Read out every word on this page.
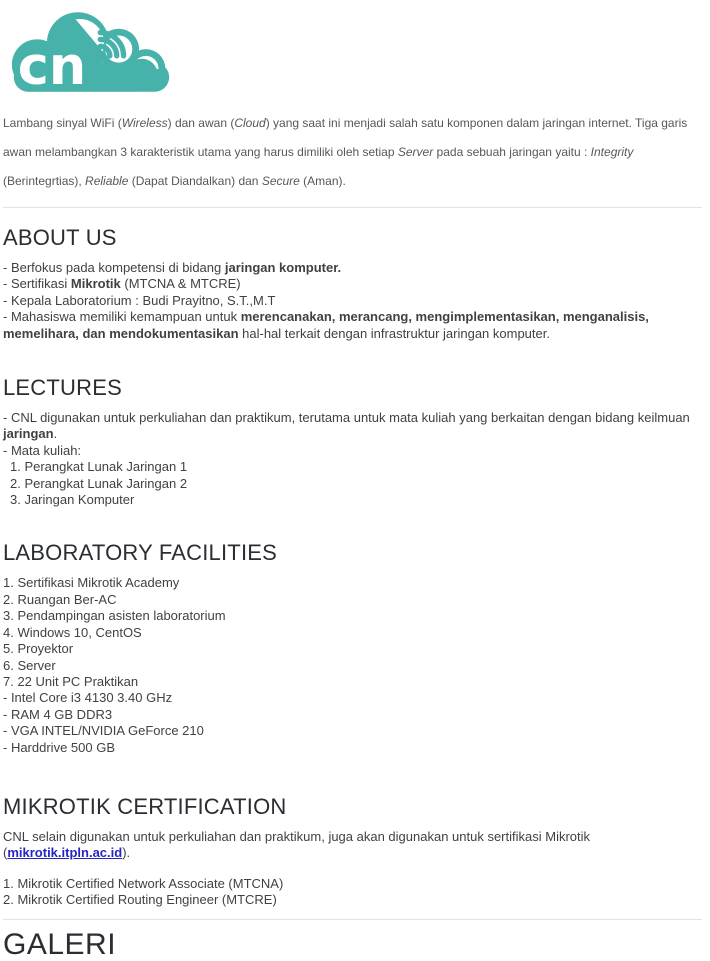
cn

Lambang sinyal WiFi (Wireless) dan awan (Cloud) yang saat ini menjadi salah satu komponen dalam jaringan internet. Tiga garis awan melambangkan 3 karakteristik utama yang harus dimiliki oleh setiap Server pada sebuah jaringan yaitu : Integrity (Berintegrtias), Reliable (Dapat Diandalkan) dan Secure (Aman).

ABOUT US
- Berfokus pada kompetensi di bidang jaringan komputer.
- Sertifikasi Mikrotik (MTCNA & MTCRE)
- Kepala Laboratorium : Budi Prayitno, S.T.,M.T
- Mahasiswa memiliki kemampuan untuk merencanakan, merancang, mengimplementasikan, menganalisis, memelihara, dan mendokumentasikan hal-hal terkait dengan infrastruktur jaringan komputer.
LECTURES
- CNL digunakan untuk perkuliahan dan praktikum, terutama untuk mata kuliah yang berkaitan dengan bidang keilmuan jaringan.
- Mata kuliah:
1. Perangkat Lunak Jaringan 1
2. Perangkat Lunak Jaringan 2
3. Jaringan Komputer
LABORATORY FACILITIES
1. Sertifikasi Mikrotik Academy
2. Ruangan Ber-AC
3. Pendampingan asisten laboratorium
4. Windows 10, CentOS
5. Proyektor
6. Server
7. 22 Unit PC Praktikan
- Intel Core i3 4130 3.40 GHz
- RAM 4 GB DDR3
- VGA INTEL/NVIDIA GeForce 210
- Harddrive 500 GB
MIKROTIK CERTIFICATION
CNL selain digunakan untuk perkuliahan dan praktikum, juga akan digunakan untuk sertifikasi Mikrotik (mikrotik.itpln.ac.id).
1. Mikrotik Certified Network Associate (MTCNA)
2. Mikrotik Certified Routing Engineer (MTCRE)
GALERI
